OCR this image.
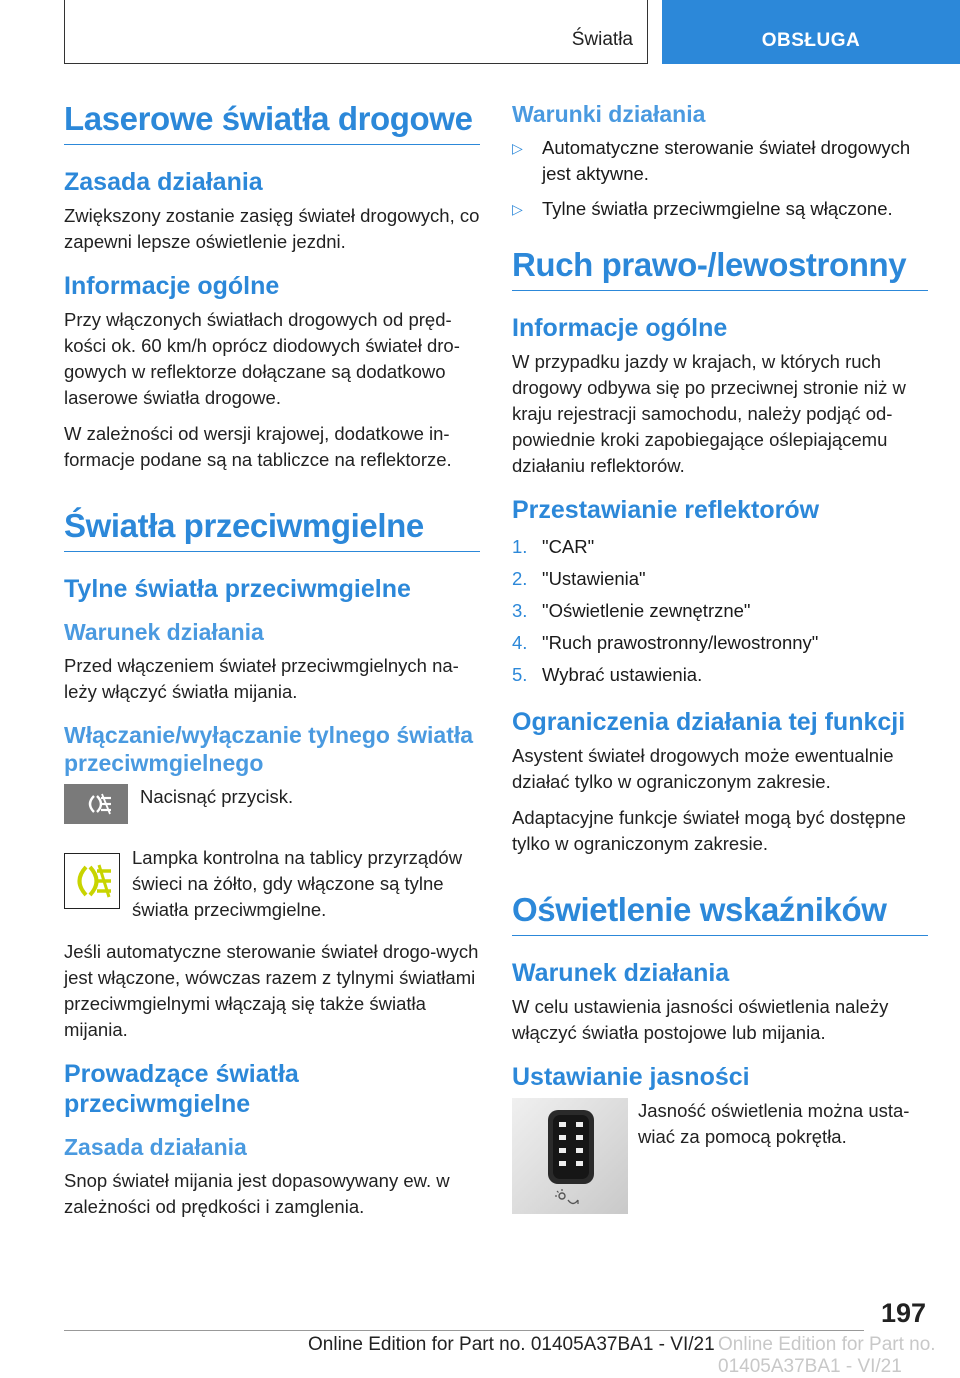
Światła	OBSŁUGA
Laserowe światła drogowe
Zasada działania

Zwiększony zostanie zasięg świateł drogowych, co zapewni lepsze oświetlenie jezdni.

Informacje ogólne

Przy włączonych światłach drogowych od pręd‐kości ok. 60 km/h oprócz diodowych świateł dro‐gowych w reflektorze dołączane są dodatkowo laserowe światła drogowe.

W zależności od wersji krajowej, dodatkowe in‐formacje podane są na tabliczce na reflektorze.

Światła przeciwmgielne
Tylne światła przeciwmgielne
Warunek działania

Przed włączeniem świateł przeciwmgielnych na‐leży włączyć światła mijania.

Włączanie/wyłączanie tylnego światła przeciwmgielnego

Nacisnąć przycisk.

Lampka kontrolna na tablicy przyrządów świeci na żółto, gdy włączone są tylne światła przeciwmgielne.

Jeśli automatyczne sterowanie świateł drogo‐wych jest włączone, wówczas razem z tylnymi światłami przeciwmgielnymi włączają się także światła mijania.

Prowadzące światła przeciwmgielne
Zasada działania

Snop świateł mijania jest dopasowywany ew. w zależności od prędkości i zamglenia.

Warunki działania
▷	Automatyczne sterowanie świateł drogowych jest aktywne.
▷	Tylne światła przeciwmgielne są włączone.
Ruch prawo-/lewostronny
Informacje ogólne

W przypadku jazdy w krajach, w których ruch drogowy odbywa się po przeciwnej stronie niż w kraju rejestracji samochodu, należy podjąć od‐powiednie kroki zapobiegające oślepiającemu działaniu reflektorów.

Przestawianie reflektorów
1. "CAR"
2. "Ustawienia"
3. "Oświetlenie zewnętrzne"
4. "Ruch prawostronny/lewostronny"
5. Wybrać ustawienia.
Ograniczenia działania tej funkcji

Asystent świateł drogowych może ewentualnie działać tylko w ograniczonym zakresie.

Adaptacyjne funkcje świateł mogą być dostępne tylko w ograniczonym zakresie.

Oświetlenie wskaźników
Warunek działania

W celu ustawienia jasności oświetlenia należy włączyć światła postojowe lub mijania.

Ustawianie jasności

Jasność oświetlenia można usta‐wiać za pomocą pokrętła.

197
Online Edition for Part no. 01405A37BA1 - VI/21 Online Edition for Part no. 01405A37BA1 - VI/21
